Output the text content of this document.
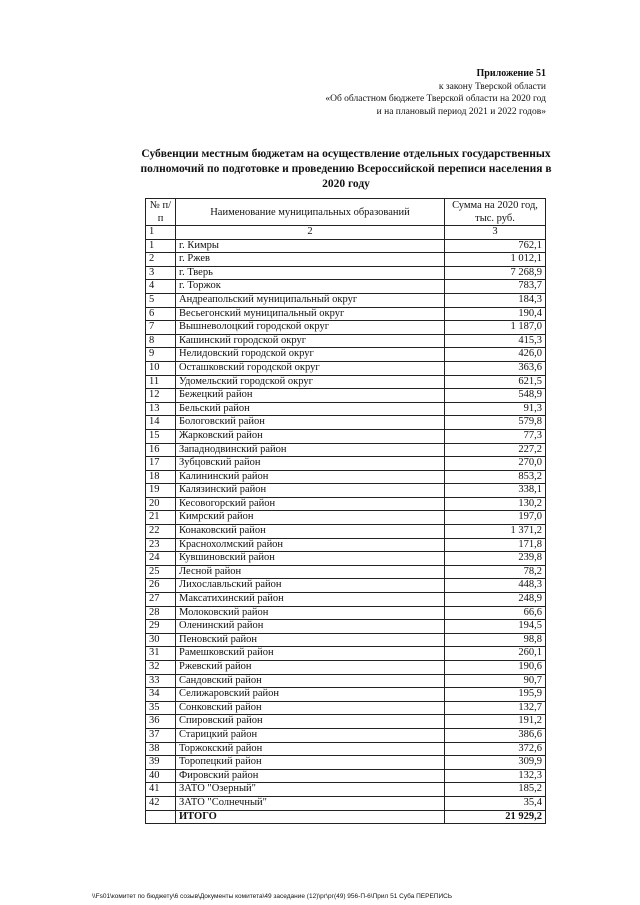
Приложение 51
к закону Тверской области
«Об областном бюджете Тверской области на 2020 год
и на плановый период 2021 и 2022 годов»
Субвенции местным бюджетам на осуществление отдельных государственных
полномочий по подготовке и проведению Всероссийской переписи населения в
2020 году
№ п/п	Наименование муниципальных образований	Сумма на 2020 год, тыс. руб.
1	2	3
1	г. Кимры	762,1
2	г. Ржев	1 012,1
3	г. Тверь	7 268,9
4	г. Торжок	783,7
5	Андреапольский муниципальный округ	184,3
6	Весьегонский муниципальный округ	190,4
7	Вышневолоцкий городской округ	1 187,0
8	Кашинский городской округ	415,3
9	Нелидовский городской округ	426,0
10	Осташковский городской округ	363,6
11	Удомельский городской округ	621,5
12	Бежецкий район	548,9
13	Бельский район	91,3
14	Бологовский район	579,8
15	Жарковский район	77,3
16	Западнодвинский район	227,2
17	Зубцовский район	270,0
18	Калининский район	853,2
19	Калязинский район	338,1
20	Кесовогорский район	130,2
21	Кимрский район	197,0
22	Конаковский район	1 371,2
23	Краснохолмский район	171,8
24	Кувшиновский район	239,8
25	Лесной район	78,2
26	Лихославльский район	448,3
27	Максатихинский район	248,9
28	Молоковский район	66,6
29	Оленинский район	194,5
30	Пеновский район	98,8
31	Рамешковский район	260,1
32	Ржевский район	190,6
33	Сандовский район	90,7
34	Селижаровский район	195,9
35	Сонковский район	132,7
36	Спировский район	191,2
37	Старицкий район	386,6
38	Торжокский район	372,6
39	Торопецкий район	309,9
40	Фировский район	132,3
41	ЗАТО "Озерный"	185,2
42	ЗАТО "Солнечный"	35,4
	ИТОГО	21 929,2
\\Fs01\комитет по бюджету\6 созыв\Документы комитета\49 заседание (12)\рг\рг(49) 956-П-6\Прил 51 Суба ПЕРЕПИСЬ
